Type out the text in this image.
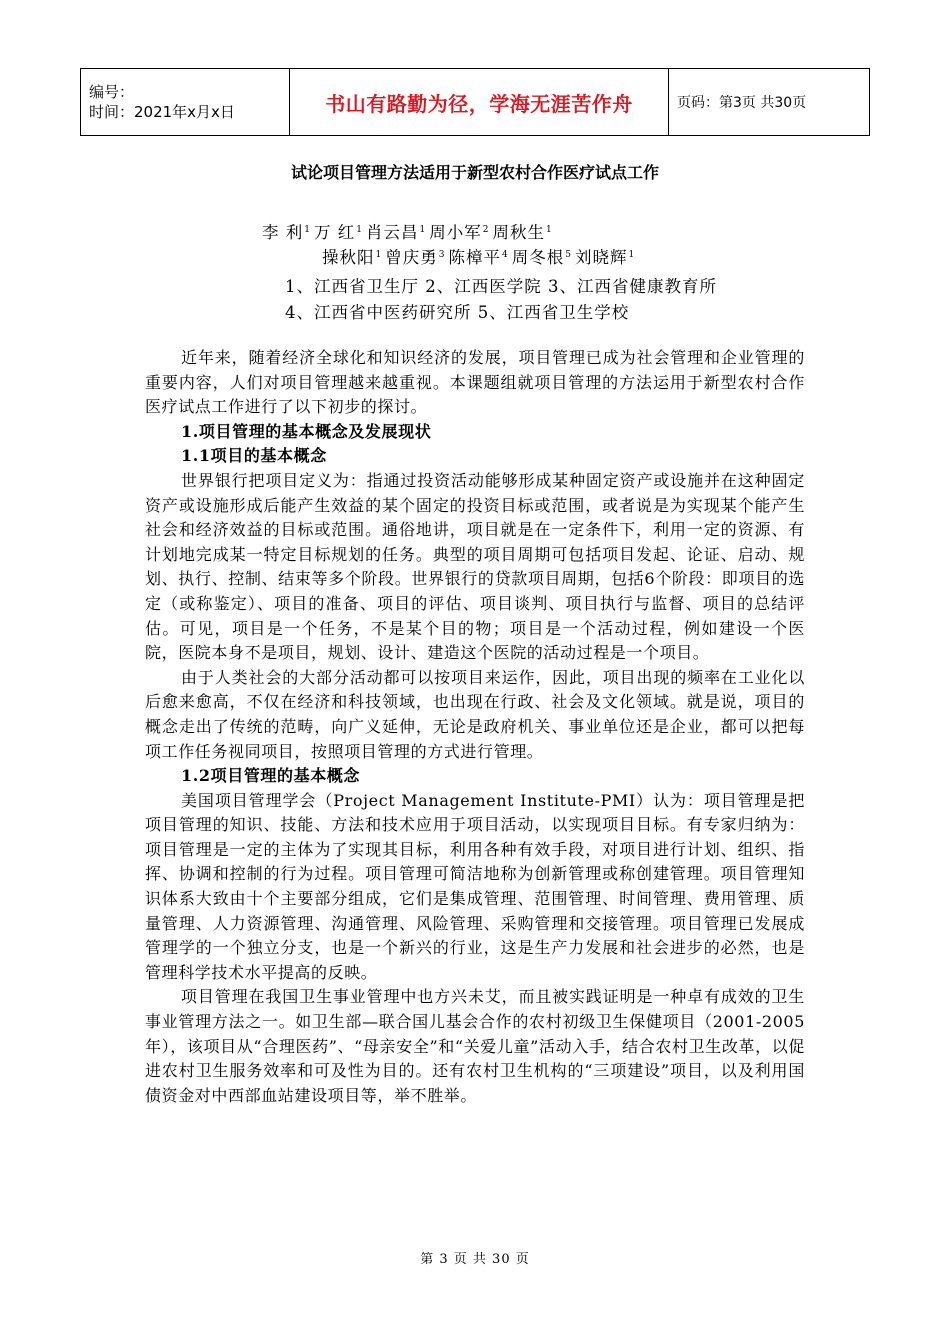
编号：
时间：2021年x月x日	书山有路勤为径，学海无涯苦作舟	页码：第3页 共30页
试论项目管理方法适用于新型农村合作医疗试点工作
李 利$^1$ 万 红$^1$ 肖云昌$^1$ 周小军$^2$ 周秋生$^1$
操秋阳$^1$ 曾庆勇$^3$ 陈樟平$^4$ 周冬根$^5$ 刘晓辉$^1$
1、江西省卫生厅 2、江西医学院 3、江西省健康教育所
4、江西省中医药研究所 5、江西省卫生学校

近年来，随着经济全球化和知识经济的发展，项目管理已成为社会管理和企业管理的重要内容，人们对项目管理越来越重视。本课题组就项目管理的方法运用于新型农村合作医疗试点工作进行了以下初步的探讨。

1.项目管理的基本概念及发展现状

1.1项目的基本概念

世界银行把项目定义为：指通过投资活动能够形成某种固定资产或设施并在这种固定资产或设施形成后能产生效益的某个固定的投资目标或范围，或者说是为实现某个能产生社会和经济效益的目标或范围。通俗地讲，项目就是在一定条件下，利用一定的资源、有计划地完成某一特定目标规划的任务。典型的项目周期可包括项目发起、论证、启动、规划、执行、控制、结束等多个阶段。世界银行的贷款项目周期，包括6个阶段：即项目的选定（或称鉴定）、项目的准备、项目的评估、项目谈判、项目执行与监督、项目的总结评估。可见，项目是一个任务，不是某个目的物；项目是一个活动过程，例如建设一个医院，医院本身不是项目，规划、设计、建造这个医院的活动过程是一个项目。

由于人类社会的大部分活动都可以按项目来运作，因此，项目出现的频率在工业化以后愈来愈高，不仅在经济和科技领域，也出现在行政、社会及文化领域。就是说，项目的概念走出了传统的范畴，向广义延伸，无论是政府机关、事业单位还是企业，都可以把每项工作任务视同项目，按照项目管理的方式进行管理。

1.2项目管理的基本概念

美国项目管理学会（Project Management Institute-PMI）认为：项目管理是把项目管理的知识、技能、方法和技术应用于项目活动，以实现项目目标。有专家归纳为：项目管理是一定的主体为了实现其目标，利用各种有效手段，对项目进行计划、组织、指挥、协调和控制的行为过程。项目管理可简洁地称为创新管理或称创建管理。项目管理知识体系大致由十个主要部分组成，它们是集成管理、范围管理、时间管理、费用管理、质量管理、人力资源管理、沟通管理、风险管理、采购管理和交接管理。项目管理已发展成管理学的一个独立分支，也是一个新兴的行业，这是生产力发展和社会进步的必然，也是管理科学技术水平提高的反映。

项目管理在我国卫生事业管理中也方兴未艾，而且被实践证明是一种卓有成效的卫生事业管理方法之一。如卫生部—联合国儿基会合作的农村初级卫生保健项目（2001-2005年），该项目从“合理医药”、“母亲安全”和“关爱儿童”活动入手，结合农村卫生改革，以促进农村卫生服务效率和可及性为目的。还有农村卫生机构的“三项建设”项目，以及利用国债资金对中西部血站建设项目等，举不胜举。

第 3 页 共 30 页
